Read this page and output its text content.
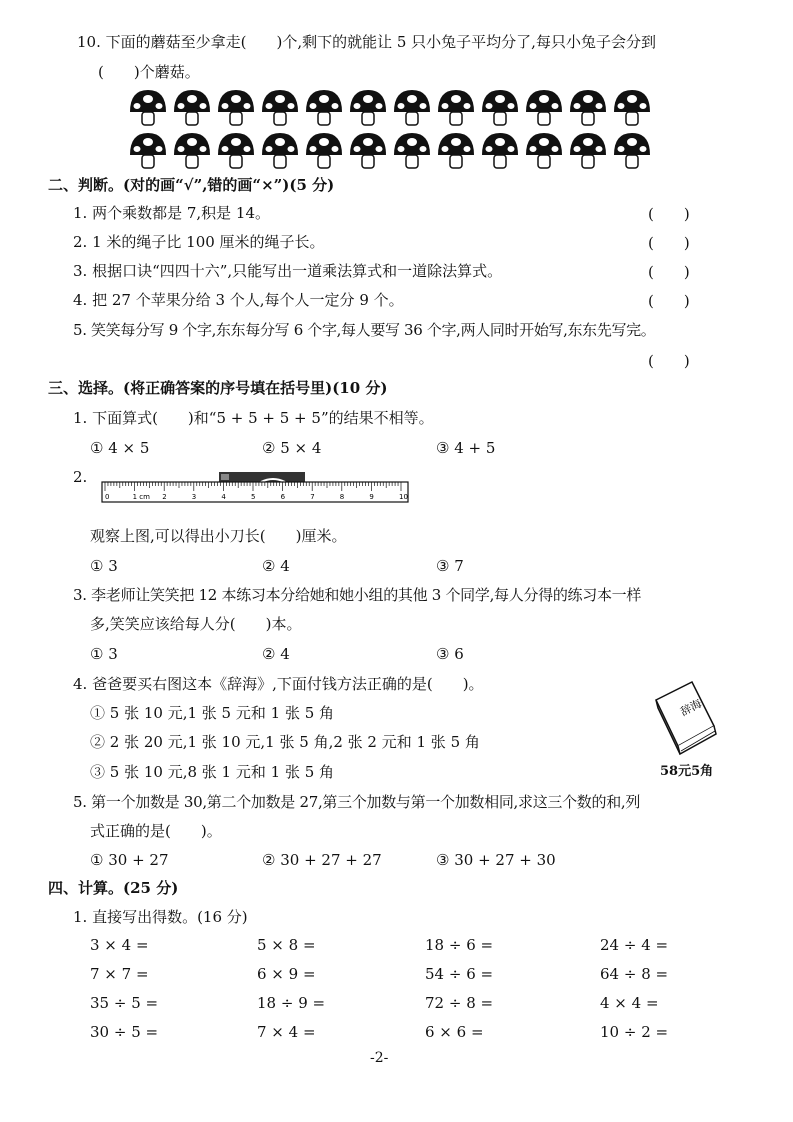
10. 下面的蘑菇至少拿走(　　)个,剩下的就能让 5 只小兔子平均分了,每只小兔子会分到
(　　)个蘑菇。
二、判断。(对的画“√”,错的画“×”)(5 分)
1. 两个乘数都是 7,积是 14。	(　　)
2. 1 米的绳子比 100 厘米的绳子长。	(　　)
3. 根据口诀“四四十六”,只能写出一道乘法算式和一道除法算式。	(　　)
4. 把 27 个苹果分给 3 个人,每个人一定分 9 个。	(　　)
5. 笑笑每分写 9 个字,东东每分写 6 个字,每人要写 36 个字,两人同时开始写,东东先写完。
(　　)
三、选择。(将正确答案的序号填在括号里)(10 分)
1. 下面算式(　　)和“5 + 5 + 5 + 5”的结果不相等。
① 4 × 5	② 5 × 4	③ 4 + 5
2.
0	1 cm 2	3	4	5	6	7	8	9	10
观察上图,可以得出小刀长(　　)厘米。
① 3	② 4	③ 7
3. 李老师让笑笑把 12 本练习本分给她和她小组的其他 3 个同学,每人分得的练习本一样
多,笑笑应该给每人分(　　)本。
① 3	② 4	③ 6
4. 爸爸要买右图这本《辞海》,下面付钱方法正确的是(　　)。
① 5 张 10 元,1 张 5 元和 1 张 5 角
② 2 张 20 元,1 张 10 元,1 张 5 角,2 张 2 元和 1 张 5 角
③ 5 张 10 元,8 张 1 元和 1 张 5 角
辞海
58元5角
5. 第一个加数是 30,第二个加数是 27,第三个加数与第一个加数相同,求这三个数的和,列
式正确的是(　　)。
① 30 + 27	② 30 + 27 + 27	③ 30 + 27 + 30
四、计算。(25 分)
1. 直接写出得数。(16 分)
3 × 4 =	5 × 8 =	18 ÷ 6 =	24 ÷ 4 =
7 × 7 =	6 × 9 =	54 ÷ 6 =	64 ÷ 8 =
35 ÷ 5 =	18 ÷ 9 =	72 ÷ 8 =	4 × 4 =
30 ÷ 5 =	7 × 4 =	6 × 6 =	10 ÷ 2 =
-2-
